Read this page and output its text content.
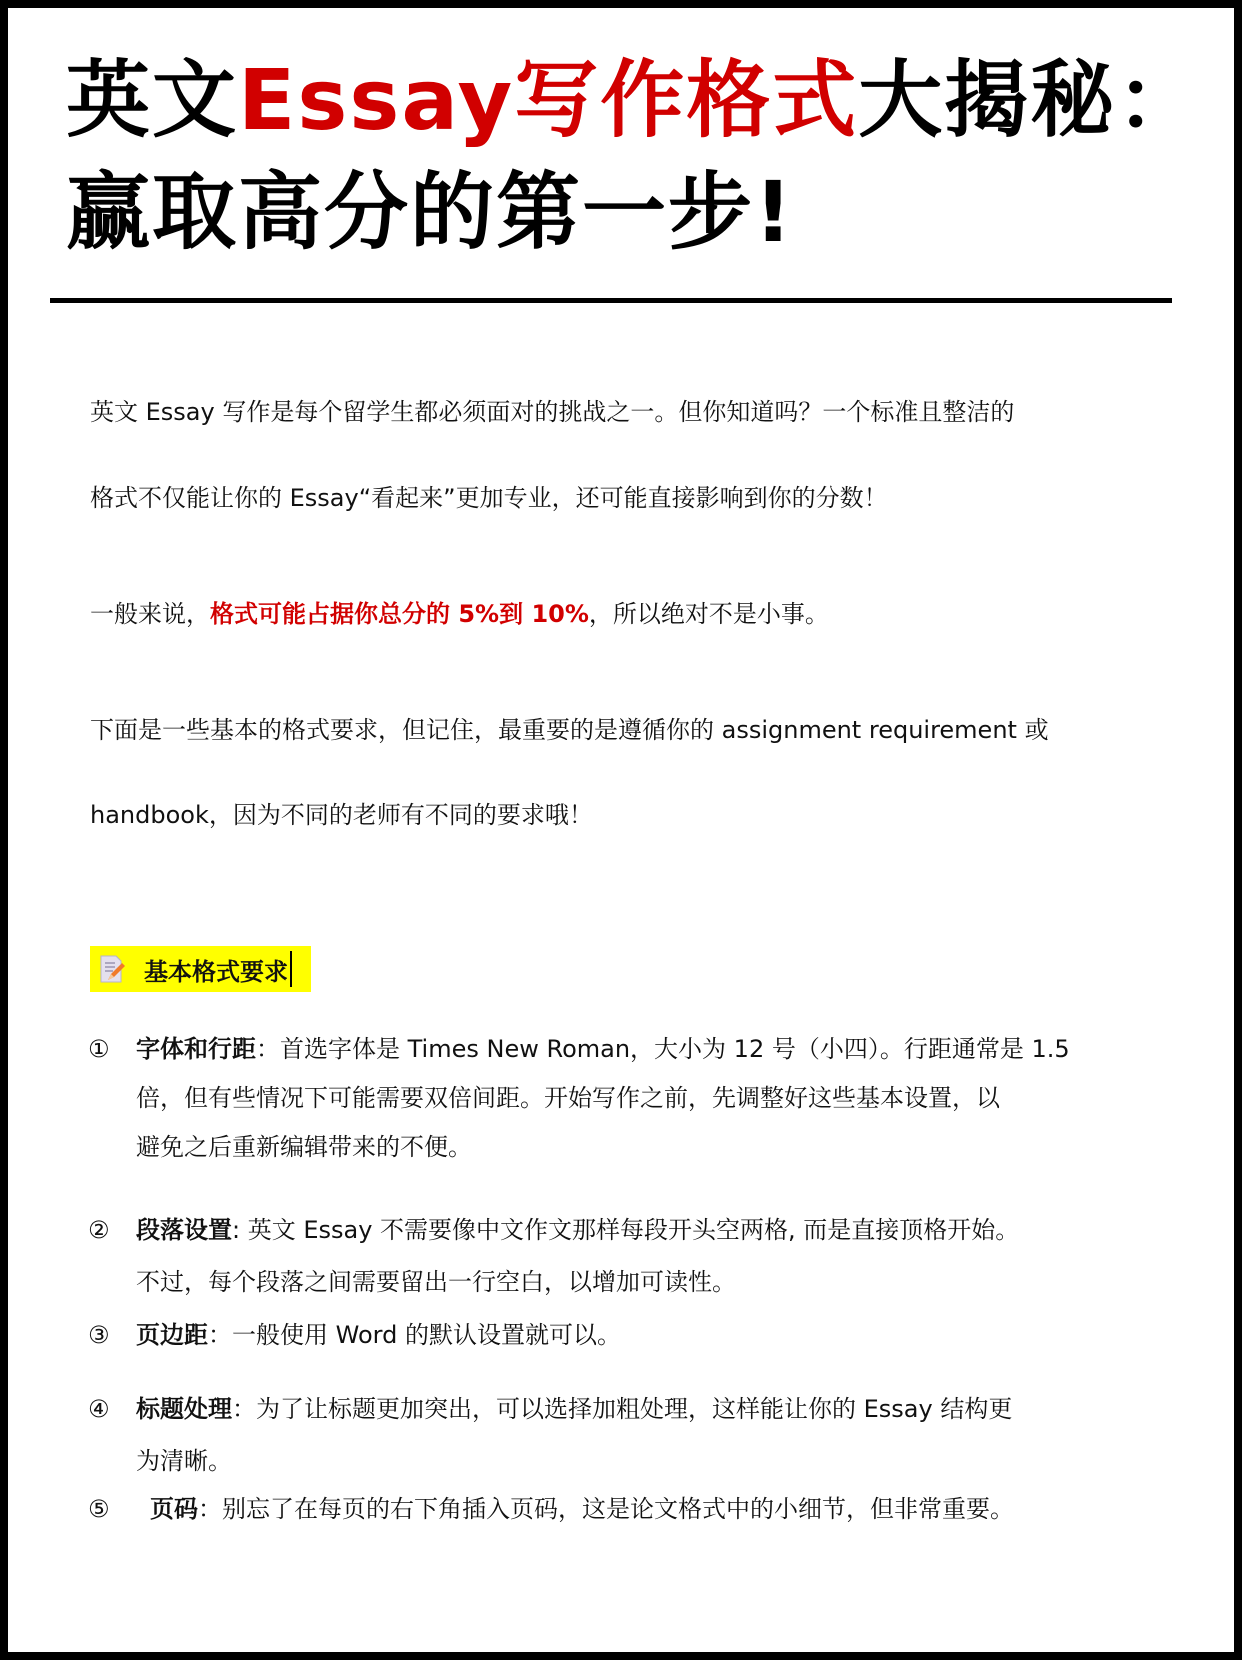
英文Essay写作格式大揭秘：
赢取高分的第一步!
英文 Essay 写作是每个留学生都必须面对的挑战之一。但你知道吗？一个标准且整洁的
格式不仅能让你的 Essay“看起来”更加专业，还可能直接影响到你的分数！
一般来说，格式可能占据你总分的 5%到 10%，所以绝对不是小事。
下面是一些基本的格式要求，但记住，最重要的是遵循你的 assignment requirement 或
handbook，因为不同的老师有不同的要求哦！
基本格式要求
① 字体和行距：首选字体是 Times New Roman，大小为 12 号（小四）。行距通常是 1.5
倍，但有些情况下可能需要双倍间距。开始写作之前，先调整好这些基本设置，以
避免之后重新编辑带来的不便。
② 段落设置: 英文 Essay 不需要像中文作文那样每段开头空两格, 而是直接顶格开始。
不过，每个段落之间需要留出一行空白，以增加可读性。
③ 页边距：一般使用 Word 的默认设置就可以。
④ 标题处理：为了让标题更加突出，可以选择加粗处理，这样能让你的 Essay 结构更
为清晰。
⑤ 页码：别忘了在每页的右下角插入页码，这是论文格式中的小细节，但非常重要。
